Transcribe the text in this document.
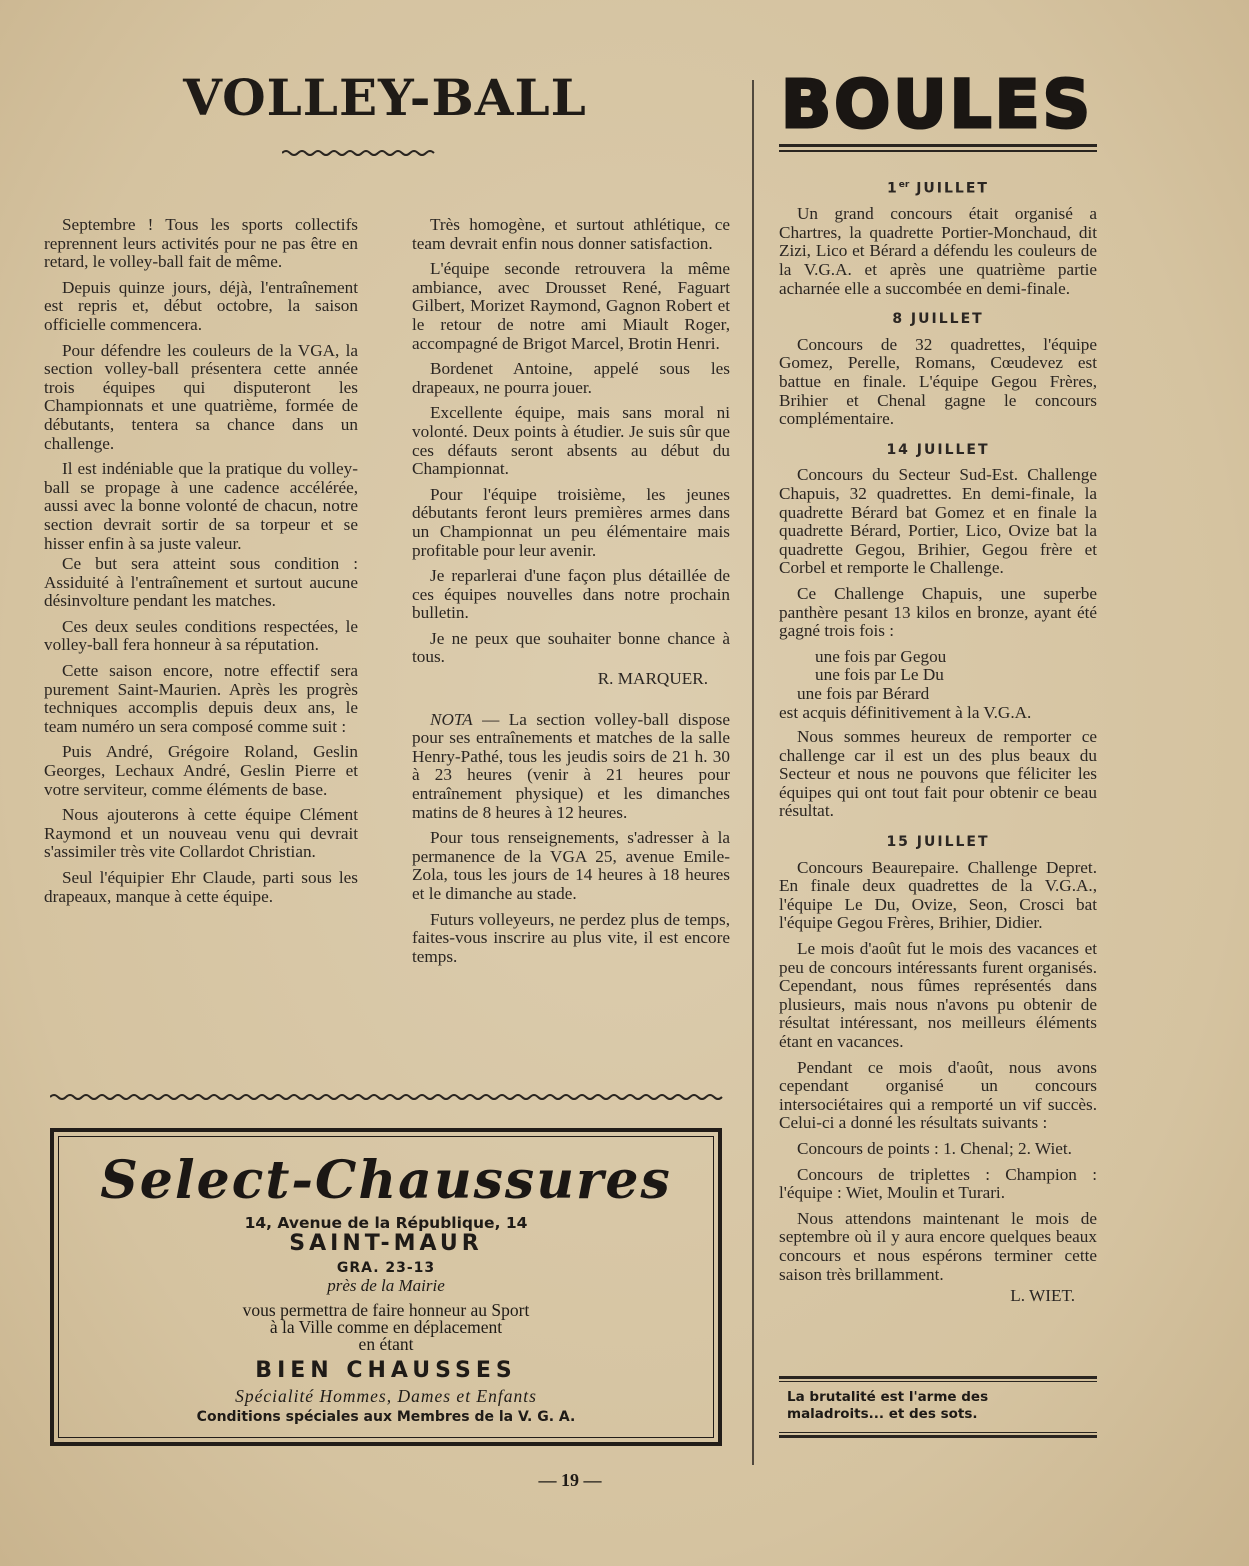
VOLLEY-BALL

Septembre ! Tous les sports collectifs reprennent leurs activités pour ne pas être en retard, le volley-ball fait de même.

Depuis quinze jours, déjà, l'entraînement est repris et, début octobre, la saison officielle commencera.

Pour défendre les couleurs de la VGA, la section volley-ball présentera cette année trois équipes qui disputeront les Championnats et une quatrième, formée de débutants, tentera sa chance dans un challenge.

Il est indéniable que la pratique du volley-ball se propage à une cadence accélérée, aussi avec la bonne volonté de chacun, notre section devrait sortir de sa torpeur et se hisser enfin à sa juste valeur.

Ce but sera atteint sous condition : Assiduité à l'entraînement et surtout aucune désinvolture pendant les matches.

Ces deux seules conditions respectées, le volley-ball fera honneur à sa réputation.

Cette saison encore, notre effectif sera purement Saint-Maurien. Après les progrès techniques accomplis depuis deux ans, le team numéro un sera composé comme suit :

Puis André, Grégoire Roland, Geslin Georges, Lechaux André, Geslin Pierre et votre serviteur, comme éléments de base.

Nous ajouterons à cette équipe Clément Raymond et un nouveau venu qui devrait s'assimiler très vite Collardot Christian.

Seul l'équipier Ehr Claude, parti sous les drapeaux, manque à cette équipe.

Très homogène, et surtout athlétique, ce team devrait enfin nous donner satisfaction.

L'équipe seconde retrouvera la même ambiance, avec Drousset René, Faguart Gilbert, Morizet Raymond, Gagnon Robert et le retour de notre ami Miault Roger, accompagné de Brigot Marcel, Brotin Henri.

Bordenet Antoine, appelé sous les drapeaux, ne pourra jouer.

Excellente équipe, mais sans moral ni volonté. Deux points à étudier. Je suis sûr que ces défauts seront absents au début du Championnat.

Pour l'équipe troisième, les jeunes débutants feront leurs premières armes dans un Championnat un peu élémentaire mais profitable pour leur avenir.

Je reparlerai d'une façon plus détaillée de ces équipes nouvelles dans notre prochain bulletin.

Je ne peux que souhaiter bonne chance à tous.

R. MARQUER.

NOTA — La section volley-ball dispose pour ses entraînements et matches de la salle Henry-Pathé, tous les jeudis soirs de 21 h. 30 à 23 heures (venir à 21 heures pour entraînement physique) et les dimanches matins de 8 heures à 12 heures.

Pour tous renseignements, s'adresser à la permanence de la VGA 25, avenue Emile-Zola, tous les jours de 14 heures à 18 heures et le dimanche au stade.

Futurs volleyeurs, ne perdez plus de temps, faites-vous inscrire au plus vite, il est encore temps.

BOULES

1er JUILLET

Un grand concours était organisé a Chartres, la quadrette Portier-Monchaud, dit Zizi, Lico et Bérard a défendu les couleurs de la V.G.A. et après une quatrième partie acharnée elle a succombée en demi-finale.

8 JUILLET

Concours de 32 quadrettes, l'équipe Gomez, Perelle, Romans, Cœudevez est battue en finale. L'équipe Gegou Frères, Brihier et Chenal gagne le concours complémentaire.

14 JUILLET

Concours du Secteur Sud-Est. Challenge Chapuis, 32 quadrettes. En demi-finale, la quadrette Bérard bat Gomez et en finale la quadrette Bérard, Portier, Lico, Ovize bat la quadrette Gegou, Brihier, Gegou frère et Corbel et remporte le Challenge.

Ce Challenge Chapuis, une superbe panthère pesant 13 kilos en bronze, ayant été gagné trois fois :

une fois par Gegou
une fois par Le Du
une fois par Bérard
est acquis définitivement à la V.G.A.

Nous sommes heureux de remporter ce challenge car il est un des plus beaux du Secteur et nous ne pouvons que féliciter les équipes qui ont tout fait pour obtenir ce beau résultat.

15 JUILLET

Concours Beaurepaire. Challenge Depret. En finale deux quadrettes de la V.G.A., l'équipe Le Du, Ovize, Seon, Crosci bat l'équipe Gegou Frères, Brihier, Didier.

Le mois d'août fut le mois des vacances et peu de concours intéressants furent organisés. Cependant, nous fûmes représentés dans plusieurs, mais nous n'avons pu obtenir de résultat intéressant, nos meilleurs éléments étant en vacances.

Pendant ce mois d'août, nous avons cependant organisé un concours intersociétaires qui a remporté un vif succès. Celui-ci a donné les résultats suivants :

Concours de points : 1. Chenal; 2. Wiet.

Concours de triplettes : Champion : l'équipe : Wiet, Moulin et Turari.

Nous attendons maintenant le mois de septembre où il y aura encore quelques beaux concours et nous espérons terminer cette saison très brillamment.

L. WIET.

La brutalité est l'arme des maladroits... et des sots.
Select-Chaussures
14, Avenue de la République, 14
SAINT-MAUR
GRA. 23-13
près de la Mairie
vous permettra de faire honneur au Sport
à la Ville comme en déplacement
en étant
BIEN CHAUSSES
Spécialité Hommes, Dames et Enfants
Conditions spéciales aux Membres de la V. G. A.
— 19 —
